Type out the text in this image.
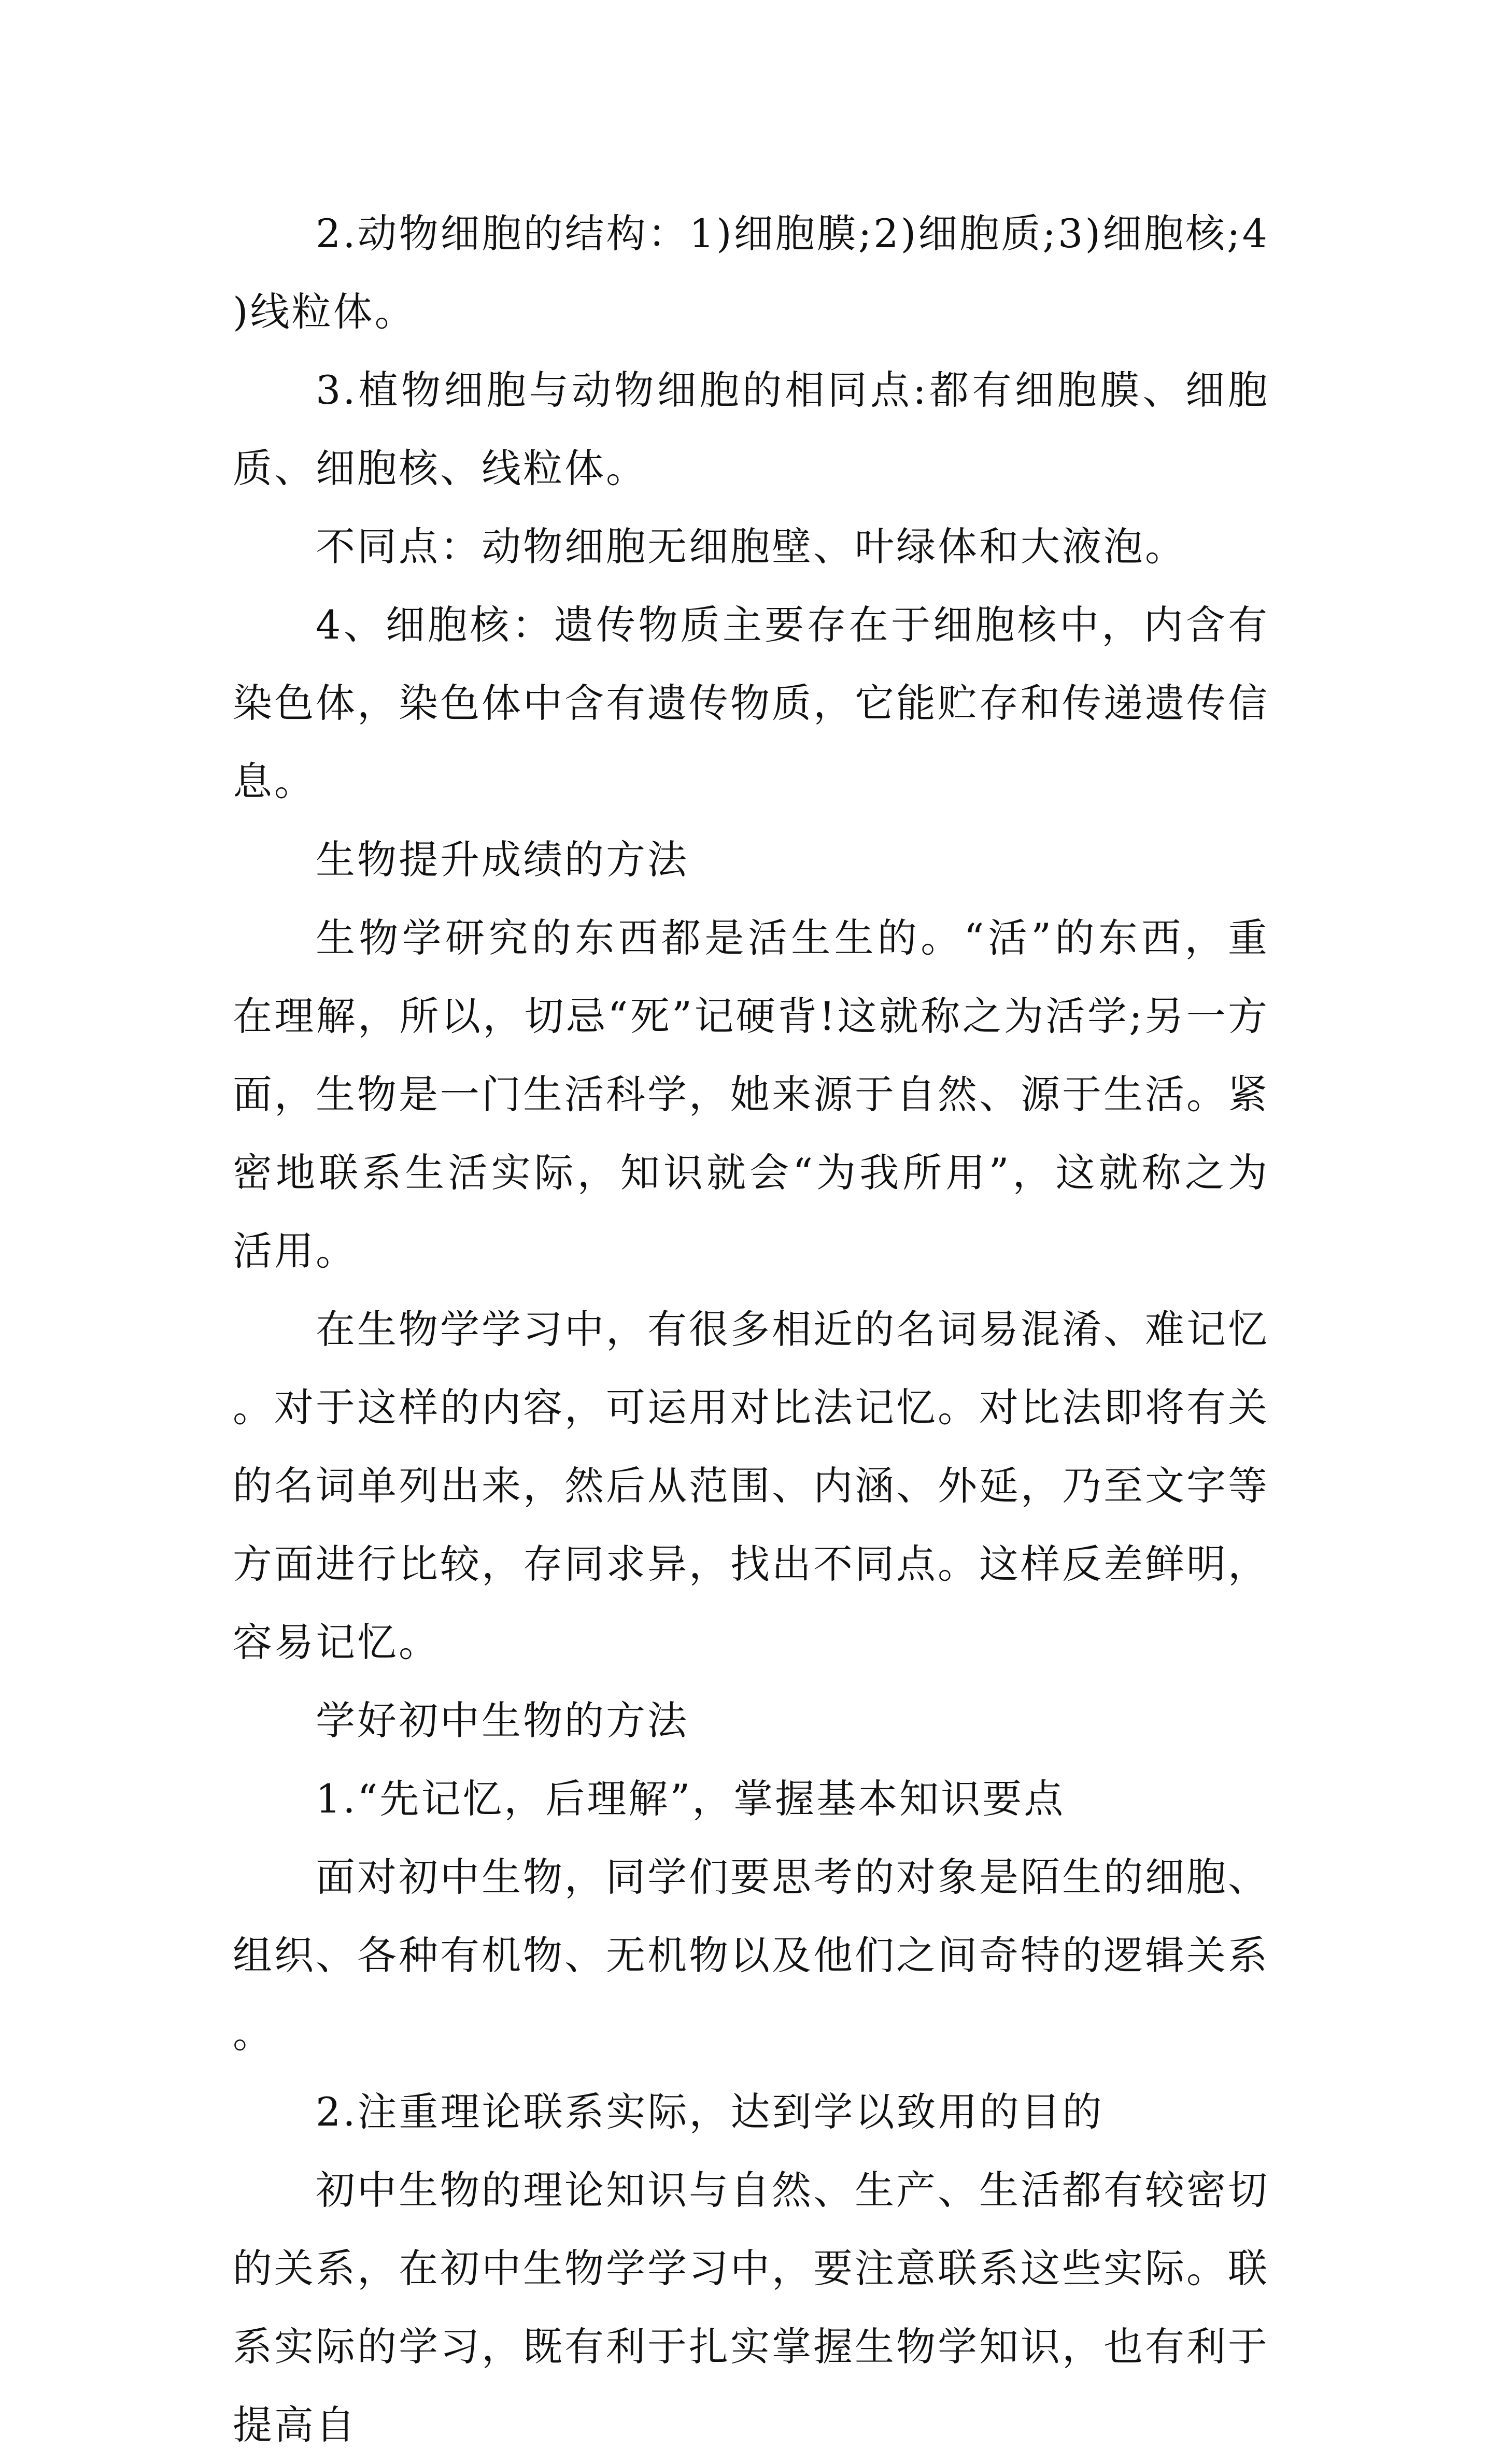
2.动物细胞的结构：1)细胞膜;2)细胞质;3)细胞核;4)线粒体。

3.植物细胞与动物细胞的相同点:都有细胞膜、细胞质、细胞核、线粒体。

不同点：动物细胞无细胞壁、叶绿体和大液泡。

4、细胞核：遗传物质主要存在于细胞核中，内含有染色体，染色体中含有遗传物质，它能贮存和传递遗传信息。

生物提升成绩的方法

生物学研究的东西都是活生生的。“活”的东西，重在理解，所以，切忌“死”记硬背!这就称之为活学;另一方面，生物是一门生活科学，她来源于自然、源于生活。紧密地联系生活实际，知识就会“为我所用”，这就称之为活用。

在生物学学习中，有很多相近的名词易混淆、难记忆。对于这样的内容，可运用对比法记忆。对比法即将有关的名词单列出来，然后从范围、内涵、外延，乃至文字等方面进行比较，存同求异，找出不同点。这样反差鲜明，容易记忆。

学好初中生物的方法

1.“先记忆，后理解”，掌握基本知识要点

面对初中生物，同学们要思考的对象是陌生的细胞、组织、各种有机物、无机物以及他们之间奇特的逻辑关系。

2.注重理论联系实际，达到学以致用的目的

初中生物的理论知识与自然、生产、生活都有较密切的关系，在初中生物学学习中，要注意联系这些实际。联系实际的学习，既有利于扎实掌握生物学知识，也有利于提高自
